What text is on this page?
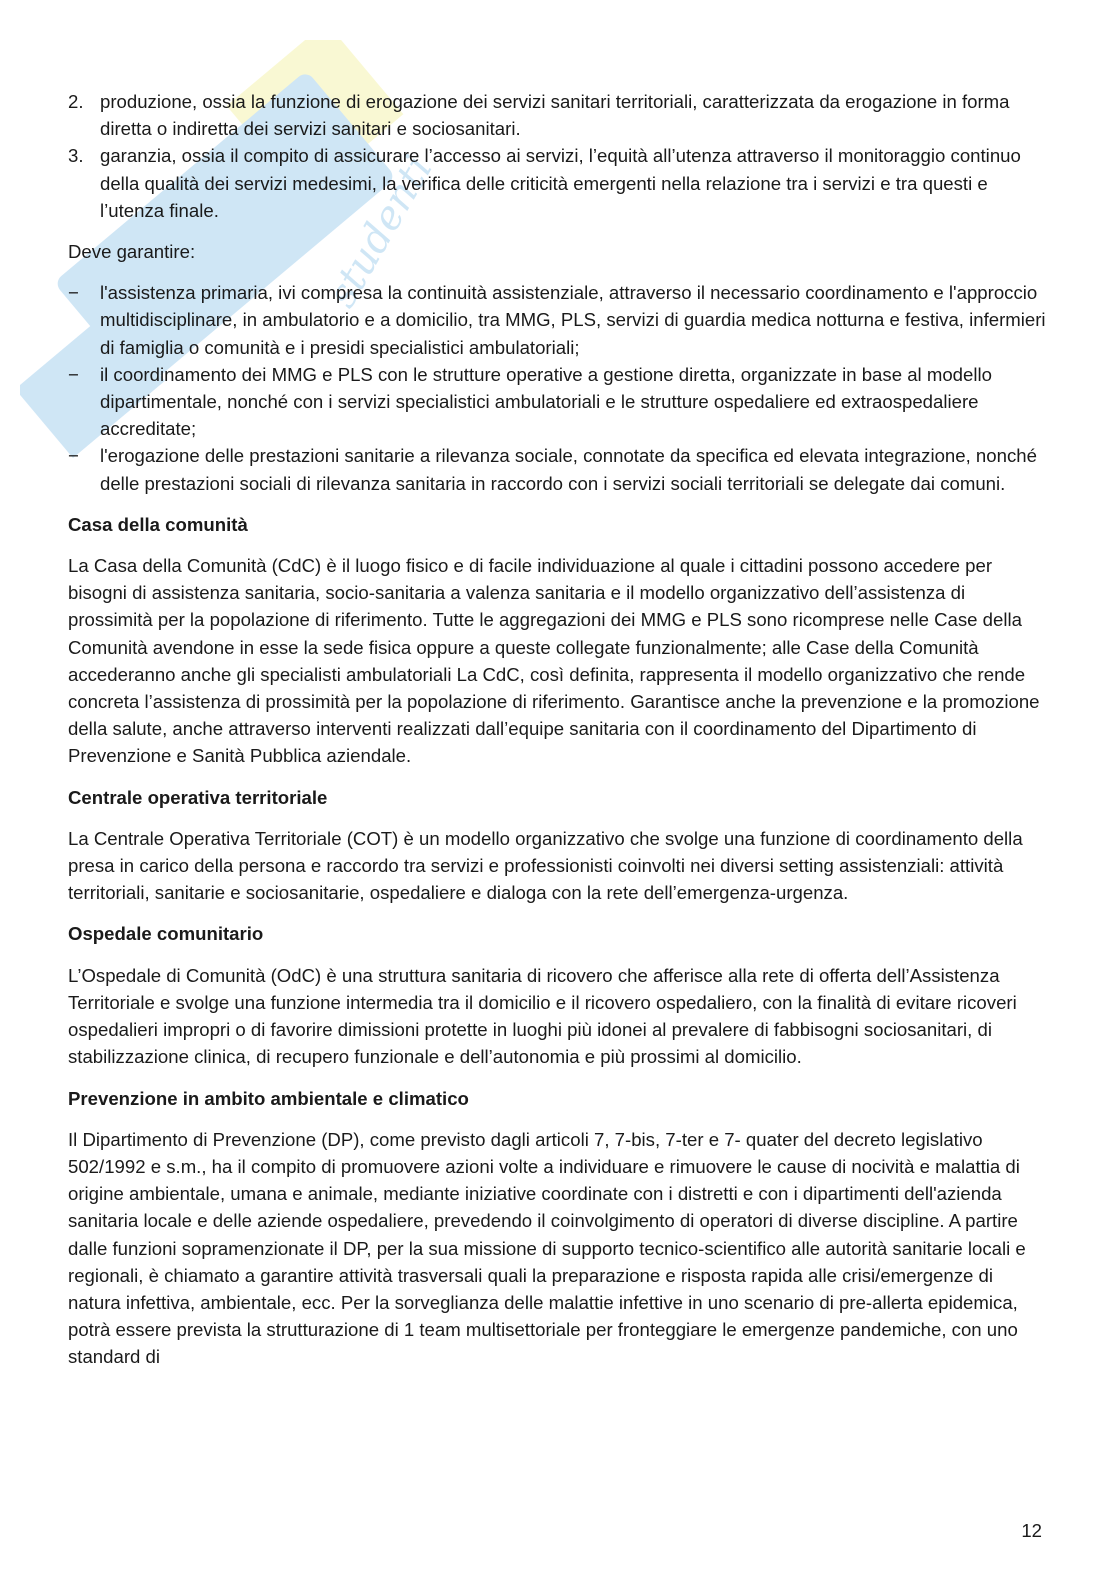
studenti
2. produzione, ossia la funzione di erogazione dei servizi sanitari territoriali, caratterizzata da erogazione in forma diretta o indiretta dei servizi sanitari e sociosanitari.
3. garanzia, ossia il compito di assicurare l’accesso ai servizi, l’equità all’utenza attraverso il monitoraggio continuo della qualità dei servizi medesimi, la verifica delle criticità emergenti nella relazione tra i servizi e tra questi e l’utenza finale.

Deve garantire:

− l'assistenza primaria, ivi compresa la continuità assistenziale, attraverso il necessario coordinamento e l'approccio multidisciplinare, in ambulatorio e a domicilio, tra MMG, PLS, servizi di guardia medica notturna e festiva, infermieri di famiglia o comunità e i presidi specialistici ambulatoriali;
− il coordinamento dei MMG e PLS con le strutture operative a gestione diretta, organizzate in base al modello dipartimentale, nonché con i servizi specialistici ambulatoriali e le strutture ospedaliere ed extraospedaliere accreditate;
− l'erogazione delle prestazioni sanitarie a rilevanza sociale, connotate da specifica ed elevata integrazione, nonché delle prestazioni sociali di rilevanza sanitaria in raccordo con i servizi sociali territoriali se delegate dai comuni.
Casa della comunità

La Casa della Comunità (CdC) è il luogo fisico e di facile individuazione al quale i cittadini possono accedere per bisogni di assistenza sanitaria, socio-sanitaria a valenza sanitaria e il modello organizzativo dell’assistenza di prossimità per la popolazione di riferimento. Tutte le aggregazioni dei MMG e PLS sono ricomprese nelle Case della Comunità avendone in esse la sede fisica oppure a queste collegate funzionalmente; alle Case della Comunità accederanno anche gli specialisti ambulatoriali La CdC, così definita, rappresenta il modello organizzativo che rende concreta l’assistenza di prossimità per la popolazione di riferimento. Garantisce anche la prevenzione e la promozione della salute, anche attraverso interventi realizzati dall’equipe sanitaria con il coordinamento del Dipartimento di Prevenzione e Sanità Pubblica aziendale.

Centrale operativa territoriale

La Centrale Operativa Territoriale (COT) è un modello organizzativo che svolge una funzione di coordinamento della presa in carico della persona e raccordo tra servizi e professionisti coinvolti nei diversi setting assistenziali: attività territoriali, sanitarie e sociosanitarie, ospedaliere e dialoga con la rete dell’emergenza-urgenza.

Ospedale comunitario

L’Ospedale di Comunità (OdC) è una struttura sanitaria di ricovero che afferisce alla rete di offerta dell’Assistenza Territoriale e svolge una funzione intermedia tra il domicilio e il ricovero ospedaliero, con la finalità di evitare ricoveri ospedalieri impropri o di favorire dimissioni protette in luoghi più idonei al prevalere di fabbisogni sociosanitari, di stabilizzazione clinica, di recupero funzionale e dell’autonomia e più prossimi al domicilio.

Prevenzione in ambito ambientale e climatico

Il Dipartimento di Prevenzione (DP), come previsto dagli articoli 7, 7-bis, 7-ter e 7- quater del decreto legislativo 502/1992 e s.m., ha il compito di promuovere azioni volte a individuare e rimuovere le cause di nocività e malattia di origine ambientale, umana e animale, mediante iniziative coordinate con i distretti e con i dipartimenti dell'azienda sanitaria locale e delle aziende ospedaliere, prevedendo il coinvolgimento di operatori di diverse discipline. A partire dalle funzioni sopramenzionate il DP, per la sua missione di supporto tecnico-scientifico alle autorità sanitarie locali e regionali, è chiamato a garantire attività trasversali quali la preparazione e risposta rapida alle crisi/emergenze di natura infettiva, ambientale, ecc. Per la sorveglianza delle malattie infettive in uno scenario di pre-allerta epidemica, potrà essere prevista la strutturazione di 1 team multisettoriale per fronteggiare le emergenze pandemiche, con uno standard di

12
